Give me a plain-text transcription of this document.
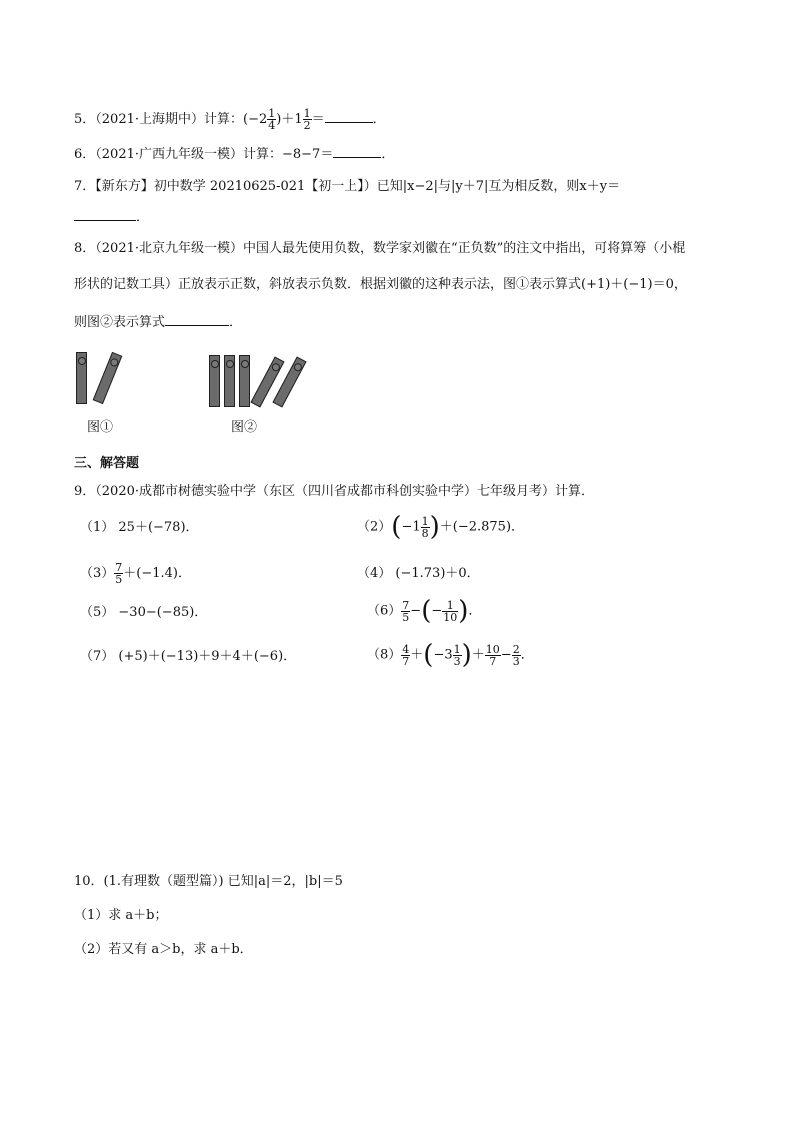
5．（2021·上海期中）计算：$(-2 \frac{1}{4} )+1 \frac{1}{2}$ ＝	．
6．（2021·广西九年级一模）计算：−8−7＝	．
7．【新东方】初中数学 20210625-021【初一上】）已知|x−2|与|y＋7|互为相反数，则x＋y＝
．
8．（2021·北京九年级一模）中国人最先使用负数，数学家刘徽在“正负数”的注文中指出，可将算筹（小棍
形状的记数工具）正放表示正数，斜放表示负数．根据刘徽的这种表示法，图①表示算式(+1)＋(−1)＝0，
则图②表示算式	．
图①	图②
三、解答题
9．（2020·成都市树德实验中学（东区（四川省成都市科创实验中学）七年级月考）计算．
（1） 25＋(−78)．	$(2)(-1 \frac{1}{8} )+(-2.875)$．
$(3) \frac{7}{5} +(-1.4)$．	（4） (−1.73)＋0．
（5） −30−(−85)．	$(6) \frac{7}{5}$ −(− $\frac{1}{10}$ )．
（7） (+5)＋(−13)＋9＋4＋(−6)．	$(8) \frac{4}{7} +(-3 \frac{1}{3}$ )＋ $\frac{10}{7} - \frac{2}{3}$ ．
10．(1.有理数（题型篇）) 已知|a|＝2，|b|＝5
（1）求 a＋b；
（2）若又有 a＞b，求 a＋b．
